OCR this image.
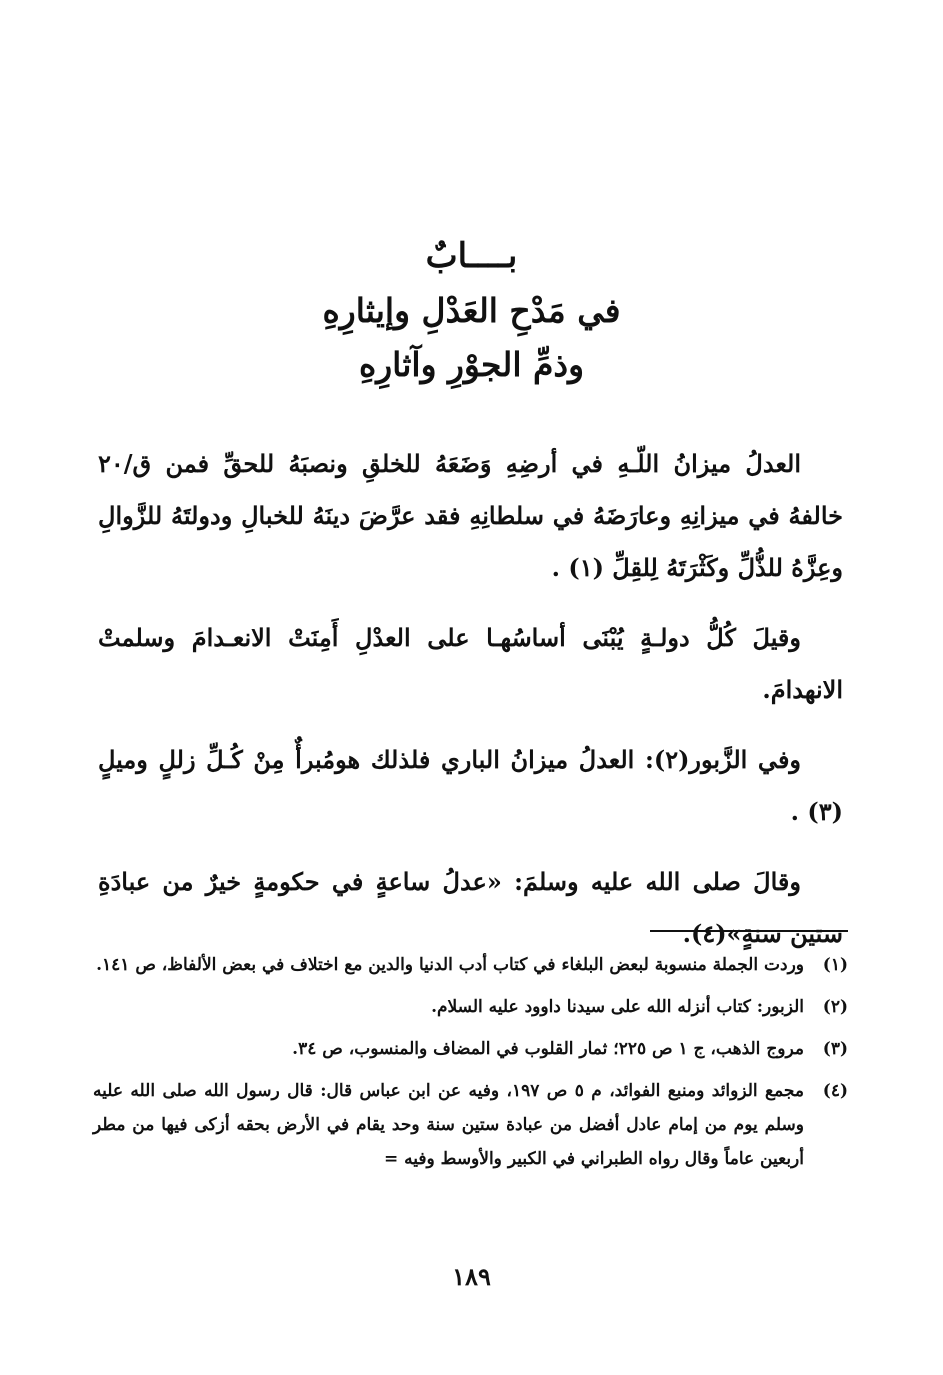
بــــابٌ
في مَدْحِ العَدْلِ وإيثارِهِ
وذمِّ الجوْرِ وآثارِهِ

العدلُ ميزانُ اللّـهِ في أرضِهِ وَضَعَهُ للخلقِ ونصبَهُ للحقِّ فمن ق/٢٠ خالفهُ في ميزانِهِ وعارَضَهُ في سلطانِهِ فقد عرَّضَ دينَهُ للخبالِ ودولتَهُ للزَّوالِ وعِزَّهُ للذُّلِّ وكَثْرَتَهُ لِلقِلِّ (١) .

وقيلَ كُلُّ دولـةٍ يُبْنَى أساسُهـا على العدْلِ أَمِنَتْ الانعـدامَ وسلمتْ الانهدامَ.

وفي الزَّبور(٢): العدلُ ميزانُ الباري فلذلك هومُبرأٌ مِنْ كُـلِّ زللٍ وميلٍ (٣) .

وقالَ صلى الله عليه وسلمَ: «عدلُ ساعةٍ في حكومةٍ خيرٌ من عبادَةِ ستين سنةٍ»(٤).

(١)
وردت الجملة منسوبة لبعض البلغاء في كتاب أدب الدنيا والدين مع اختلاف في بعض الألفاظ، ص ١٤١.
(٢)
الزبور: كتاب أنزله الله على سيدنا داوود عليه السلام.
(٣)
مروج الذهب، ج ١ ص ٢٢٥؛ ثمار القلوب في المضاف والمنسوب، ص ٣٤.
(٤)
مجمع الزوائد ومنبع الفوائد، م ٥ ص ١٩٧، وفيه عن ابن عباس قال: قال رسول الله صلى الله عليه وسلم يوم من إمام عادل أفضل من عبادة ستين سنة وحد يقام في الأرض بحقه أزكى فيها من مطر أربعين عاماً وقال رواه الطبراني في الكبير والأوسط وفيه =
١٨٩
